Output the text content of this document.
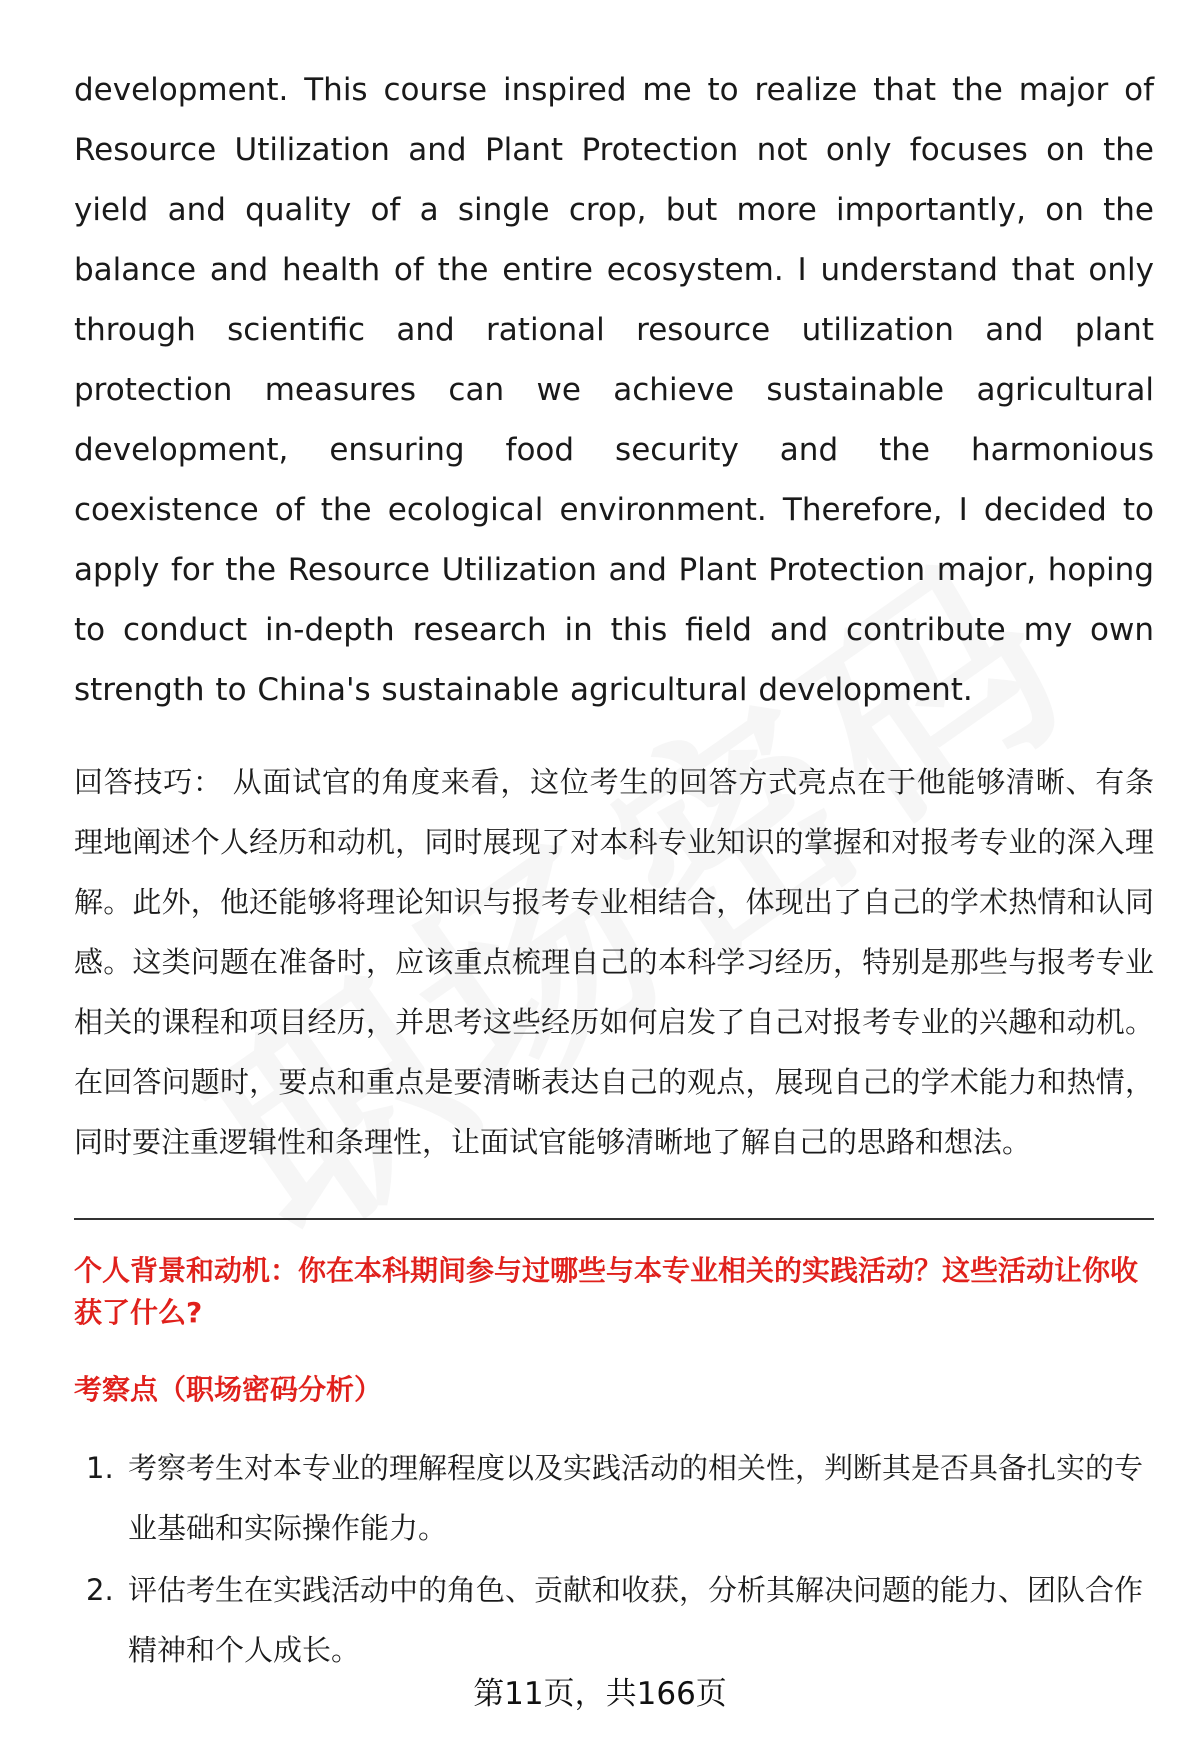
development. This course inspired me to realize that the major of Resource Utilization and Plant Protection not only focuses on the yield and quality of a single crop, but more importantly, on the balance and health of the entire ecosystem. I understand that only through scientific and rational resource utilization and plant protection measures can we achieve sustainable agricultural development, ensuring food security and the harmonious coexistence of the ecological environment. Therefore, I decided to apply for the Resource Utilization and Plant Protection major, hoping to conduct in-depth research in this field and contribute my own strength to China's sustainable agricultural development.

回答技巧： 从面试官的角度来看，这位考生的回答方式亮点在于他能够清晰、有条理地阐述个人经历和动机，同时展现了对本科专业知识的掌握和对报考专业的深入理解。此外，他还能够将理论知识与报考专业相结合，体现出了自己的学术热情和认同感。这类问题在准备时，应该重点梳理自己的本科学习经历，特别是那些与报考专业相关的课程和项目经历，并思考这些经历如何启发了自己对报考专业的兴趣和动机。在回答问题时，要点和重点是要清晰表达自己的观点，展现自己的学术能力和热情，同时要注重逻辑性和条理性，让面试官能够清晰地了解自己的思路和想法。

个人背景和动机：你在本科期间参与过哪些与本专业相关的实践活动？这些活动让你收获了什么?
考察点（职场密码分析）
1. 考察考生对本专业的理解程度以及实践活动的相关性，判断其是否具备扎实的专业基础和实际操作能力。
2. 评估考生在实践活动中的角色、贡献和收获，分析其解决问题的能力、团队合作精神和个人成长。
第11页，共166页
